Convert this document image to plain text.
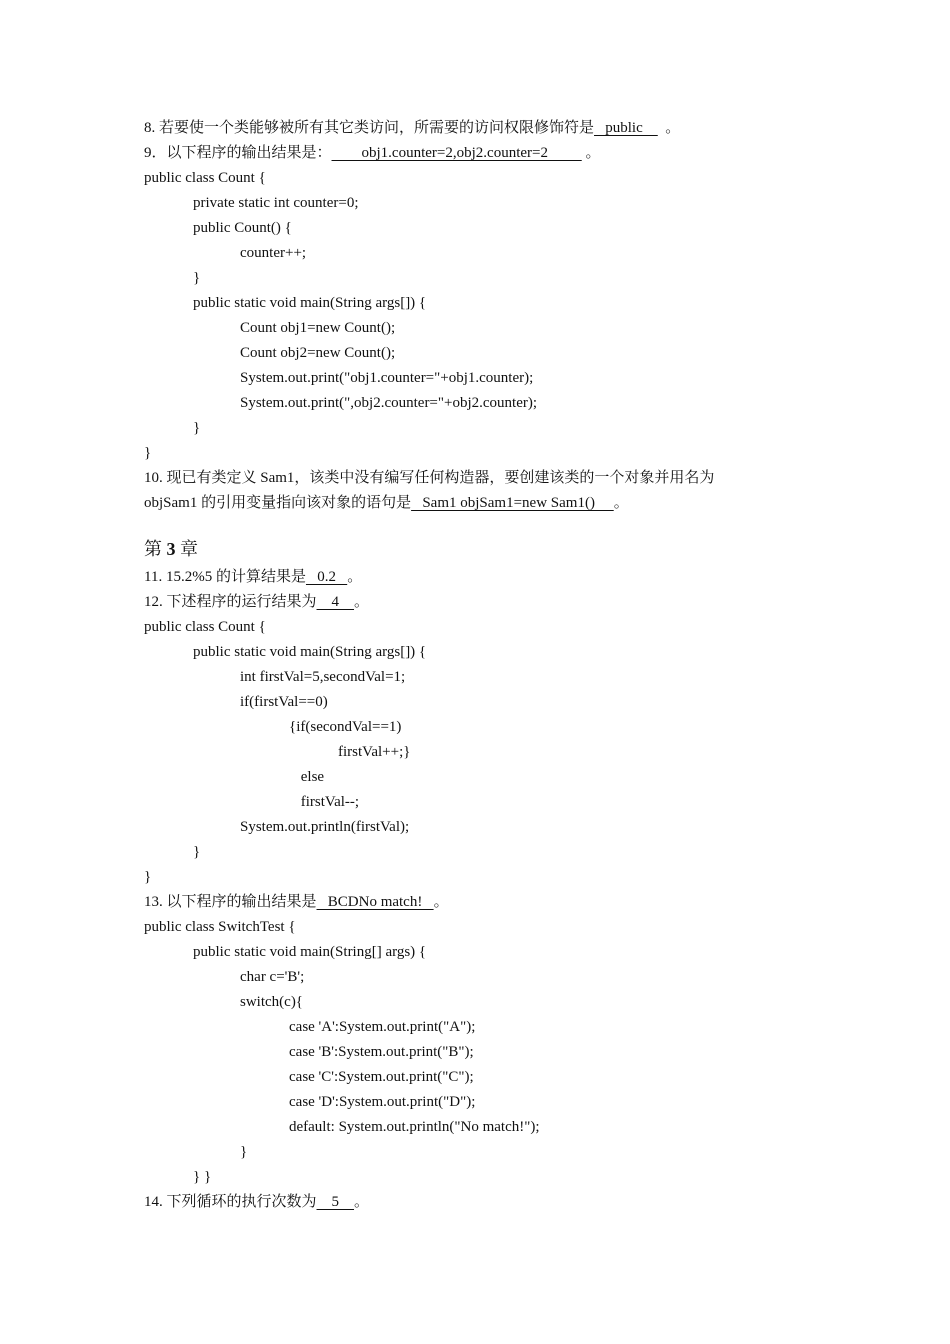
8. 若要使一个类能够被所有其它类访问，所需要的访问权限修饰符是   public      。
9．以下程序的输出结果是：        obj1.counter=2,obj2.counter=2          。
public class Count {
private static int counter=0;
public Count() {
counter++;
}
public static void main(String args[]) {
Count obj1=new Count();
Count obj2=new Count();
System.out.print("obj1.counter="+obj1.counter);
System.out.print(",obj2.counter="+obj2.counter);
}
}
10. 现已有类定义 Sam1，该类中没有编写任何构造器，要创建该类的一个对象并用名为
objSam1 的引用变量指向该对象的语句是   Sam1 objSam1=new Sam1()     。
第 3 章
11. 15.2%5 的计算结果是   0.2   。
12. 下述程序的运行结果为    4    。
public class Count {
public static void main(String args[]) {
int firstVal=5,secondVal=1;
if(firstVal==0)
{if(secondVal==1)
firstVal++;}
else
firstVal--;
System.out.println(firstVal);
}
}
13. 以下程序的输出结果是   BCDNo match!   。
public class SwitchTest {
public static void main(String[] args) {
char c='B';
switch(c){
case 'A':System.out.print("A");
case 'B':System.out.print("B");
case 'C':System.out.print("C");
case 'D':System.out.print("D");
default: System.out.println("No match!");
}
} }
14. 下列循环的执行次数为    5    。
